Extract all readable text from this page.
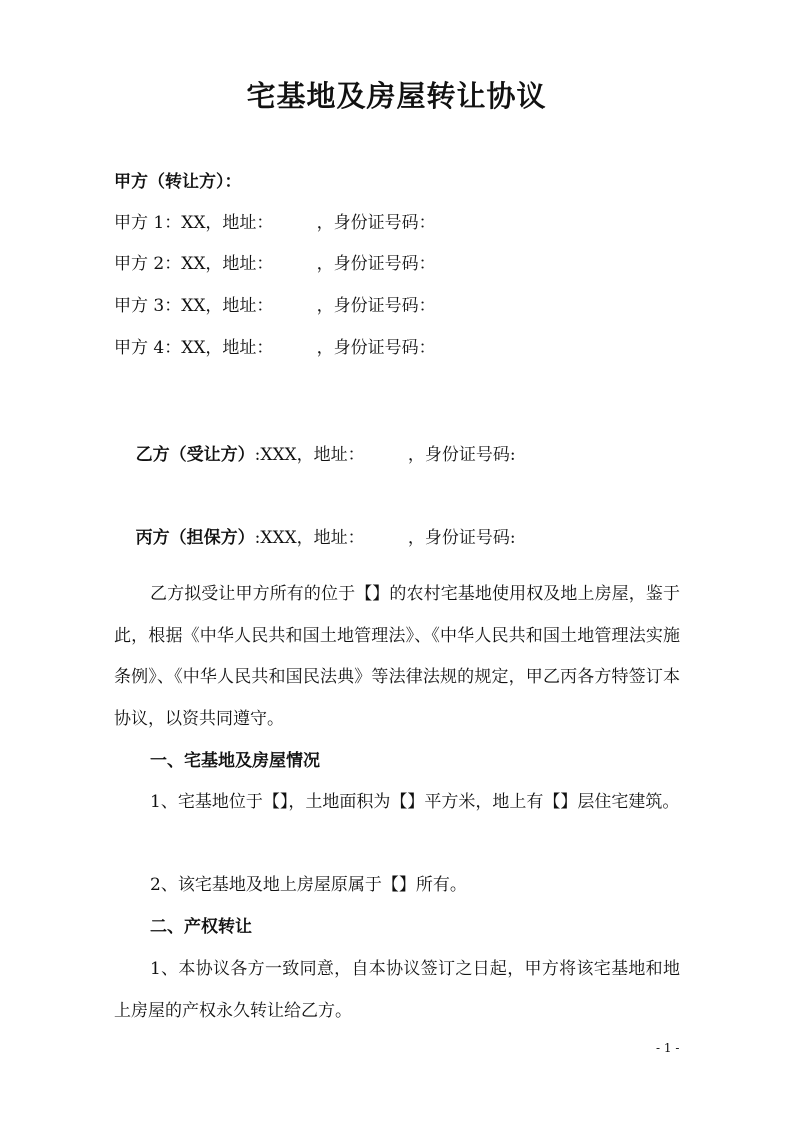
宅基地及房屋转让协议
甲方（转让方）：
甲方 1：XX，地址：        ，身份证号码：
甲方 2：XX，地址：        ，身份证号码：
甲方 3：XX，地址：        ，身份证号码：
甲方 4：XX，地址：        ，身份证号码：

乙方（受让方）:XXX，地址：        ，身份证号码:

丙方（担保方）:XXX，地址：        ，身份证号码:

乙方拟受让甲方所有的位于【】的农村宅基地使用权及地上房屋，鉴于此，根据《中华人民共和国土地管理法》、《中华人民共和国土地管理法实施条例》、《中华人民共和国民法典》等法律法规的规定，甲乙丙各方特签订本协议，以资共同遵守。
一、宅基地及房屋情况
1、宅基地位于【】，土地面积为【】平方米，地上有【】层住宅建筑。
2、该宅基地及地上房屋原属于【】所有。
二、产权转让
1、本协议各方一致同意，自本协议签订之日起，甲方将该宅基地和地上房屋的产权永久转让给乙方。
- 1 -
